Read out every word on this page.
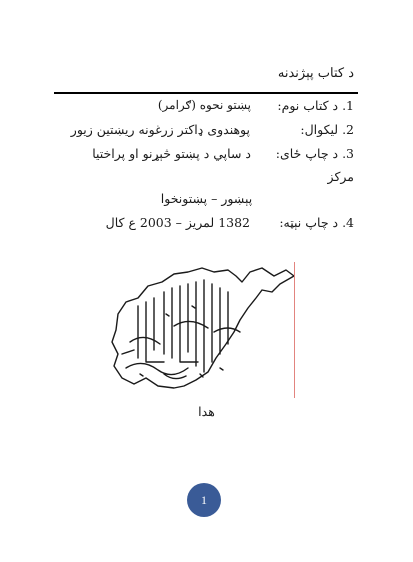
د کتاب پېژندنه
1. د کتاب نوم:
پښتو نحوه (ګرامر)
2. ليکوال:
پوهندوی ډاکتر زرغونه ريښتين زيور
3. د چاپ ځای:
د ساپي د پښتو څېړنو او پراختيا
مرکز
پېښور – پښتونخوا
4. د چاپ نېټه:
1382 لمريز – 2003 ع کال
هدا
1
